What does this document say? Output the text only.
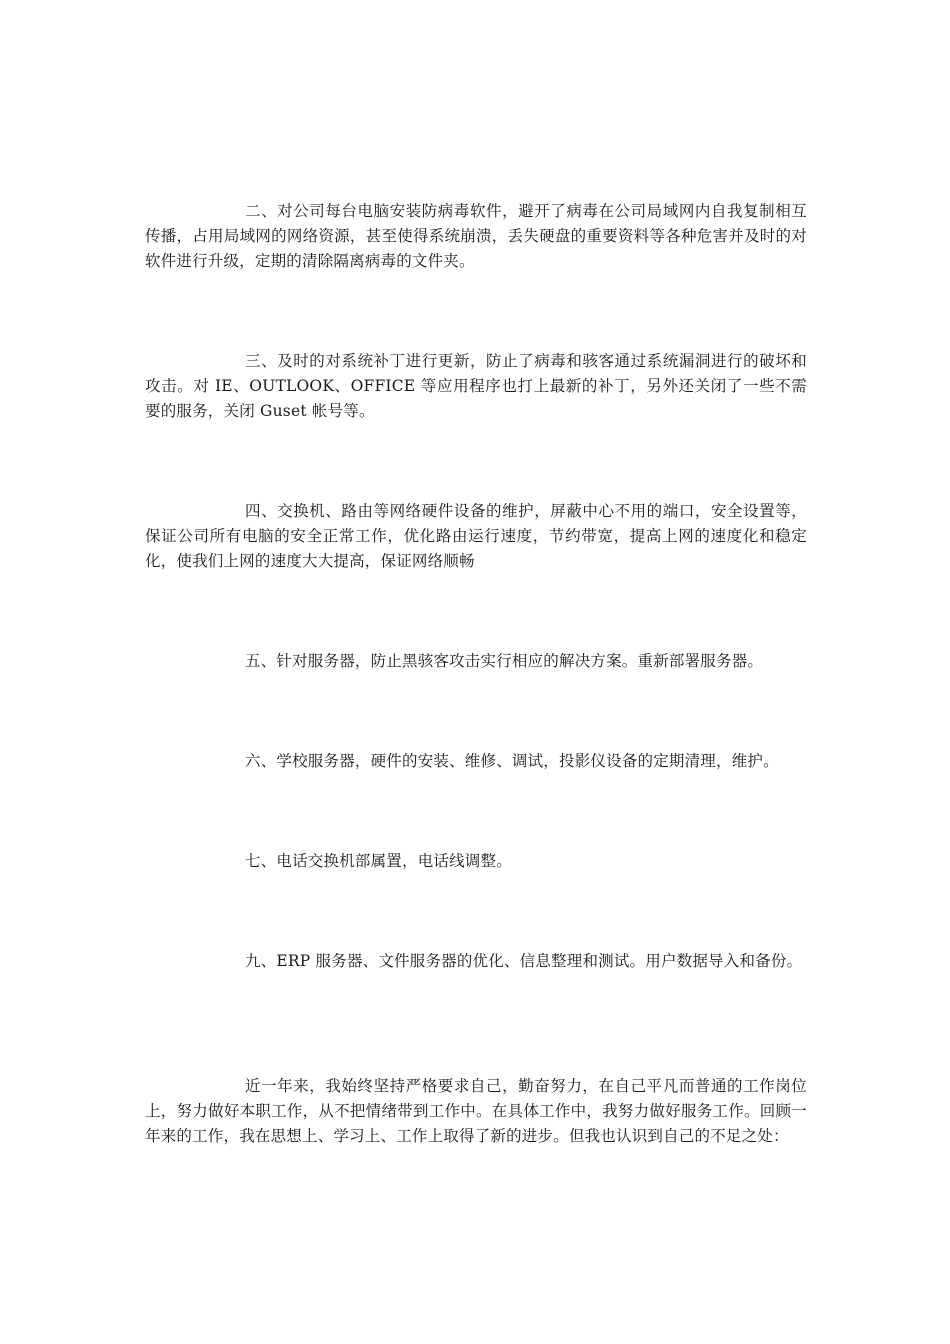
二、对公司每台电脑安装防病毒软件，避开了病毒在公司局域网内自我复制相互传播，占用局域网的网络资源，甚至使得系统崩溃，丢失硬盘的重要资料等各种危害并及时的对软件进行升级，定期的清除隔离病毒的文件夹。

三、及时的对系统补丁进行更新，防止了病毒和骇客通过系统漏洞进行的破坏和攻击。对 IE、OUTLOOK、OFFICE 等应用程序也打上最新的补丁，另外还关闭了一些不需要的服务，关闭 Guset 帐号等。

四、交换机、路由等网络硬件设备的维护，屏蔽中心不用的端口，安全设置等，保证公司所有电脑的安全正常工作，优化路由运行速度，节约带宽，提高上网的速度化和稳定化，使我们上网的速度大大提高，保证网络顺畅

五、针对服务器，防止黑骇客攻击实行相应的解决方案。重新部署服务器。

六、学校服务器，硬件的安装、维修、调试，投影仪设备的定期清理，维护。

七、电话交换机部属置，电话线调整。

九、ERP 服务器、文件服务器的优化、信息整理和测试。用户数据导入和备份。

近一年来，我始终坚持严格要求自己，勤奋努力，在自己平凡而普通的工作岗位上，努力做好本职工作，从不把情绪带到工作中。在具体工作中，我努力做好服务工作。回顾一年来的工作，我在思想上、学习上、工作上取得了新的进步。但我也认识到自己的不足之处：
